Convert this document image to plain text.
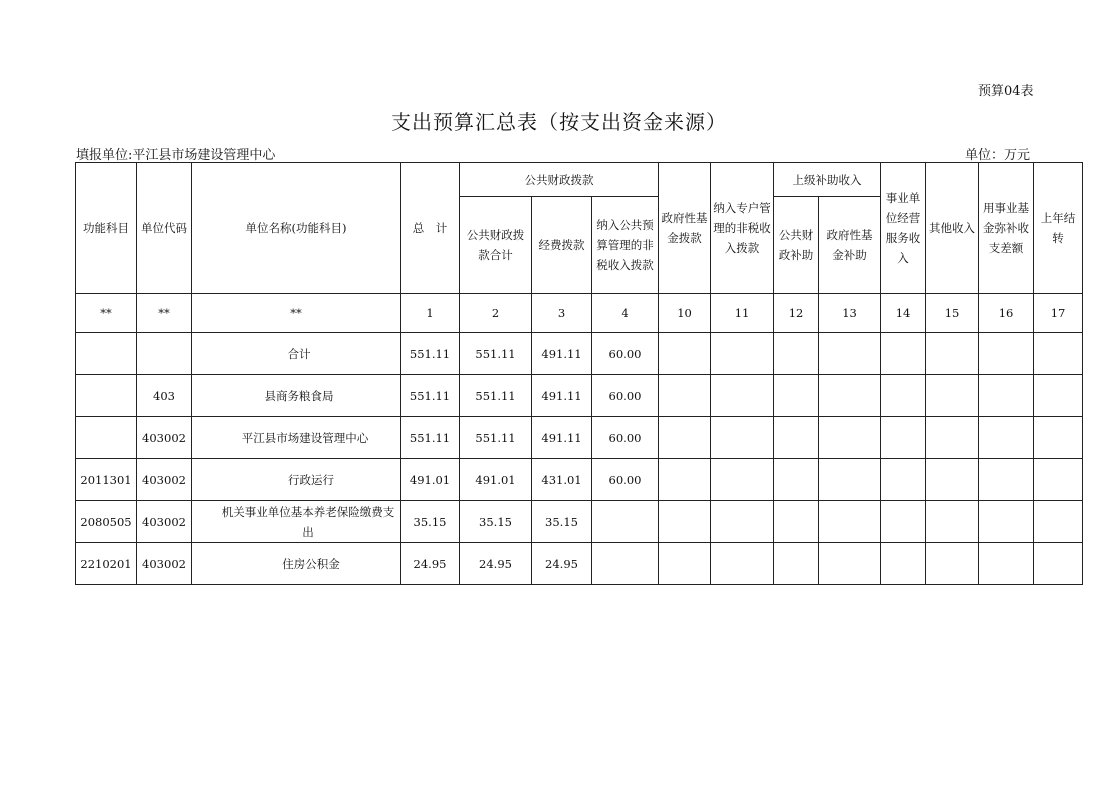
预算04表
支出预算汇总表（按支出资金来源）
填报单位:平江县市场建设管理中心	单位：万元
功能科目	单位代码	单位名称(功能科目)	总　计	公共财政拨款			政府性基金拨款	纳入专户管理的非税收入拨款	上级补助收入		事业单位经营服务收入	其他收入	用事业基金弥补收支差额	上年结转
				公共财政拨款合计	经费拨款	纳入公共预算管理的非税收入拨款			公共财政补助	政府性基金补助				
**	**	**	1	2	3	4	10	11	12	13	14	15	16	17
		合计	551.11	551.11	491.11	60.00								
	403	县商务粮食局	551.11	551.11	491.11	60.00								
	403002	平江县市场建设管理中心	551.11	551.11	491.11	60.00								
2011301	403002	行政运行	491.01	491.01	431.01	60.00								
2080505	403002	机关事业单位基本养老保险缴费支出	35.15	35.15	35.15									
2210201	403002	住房公积金	24.95	24.95	24.95									
